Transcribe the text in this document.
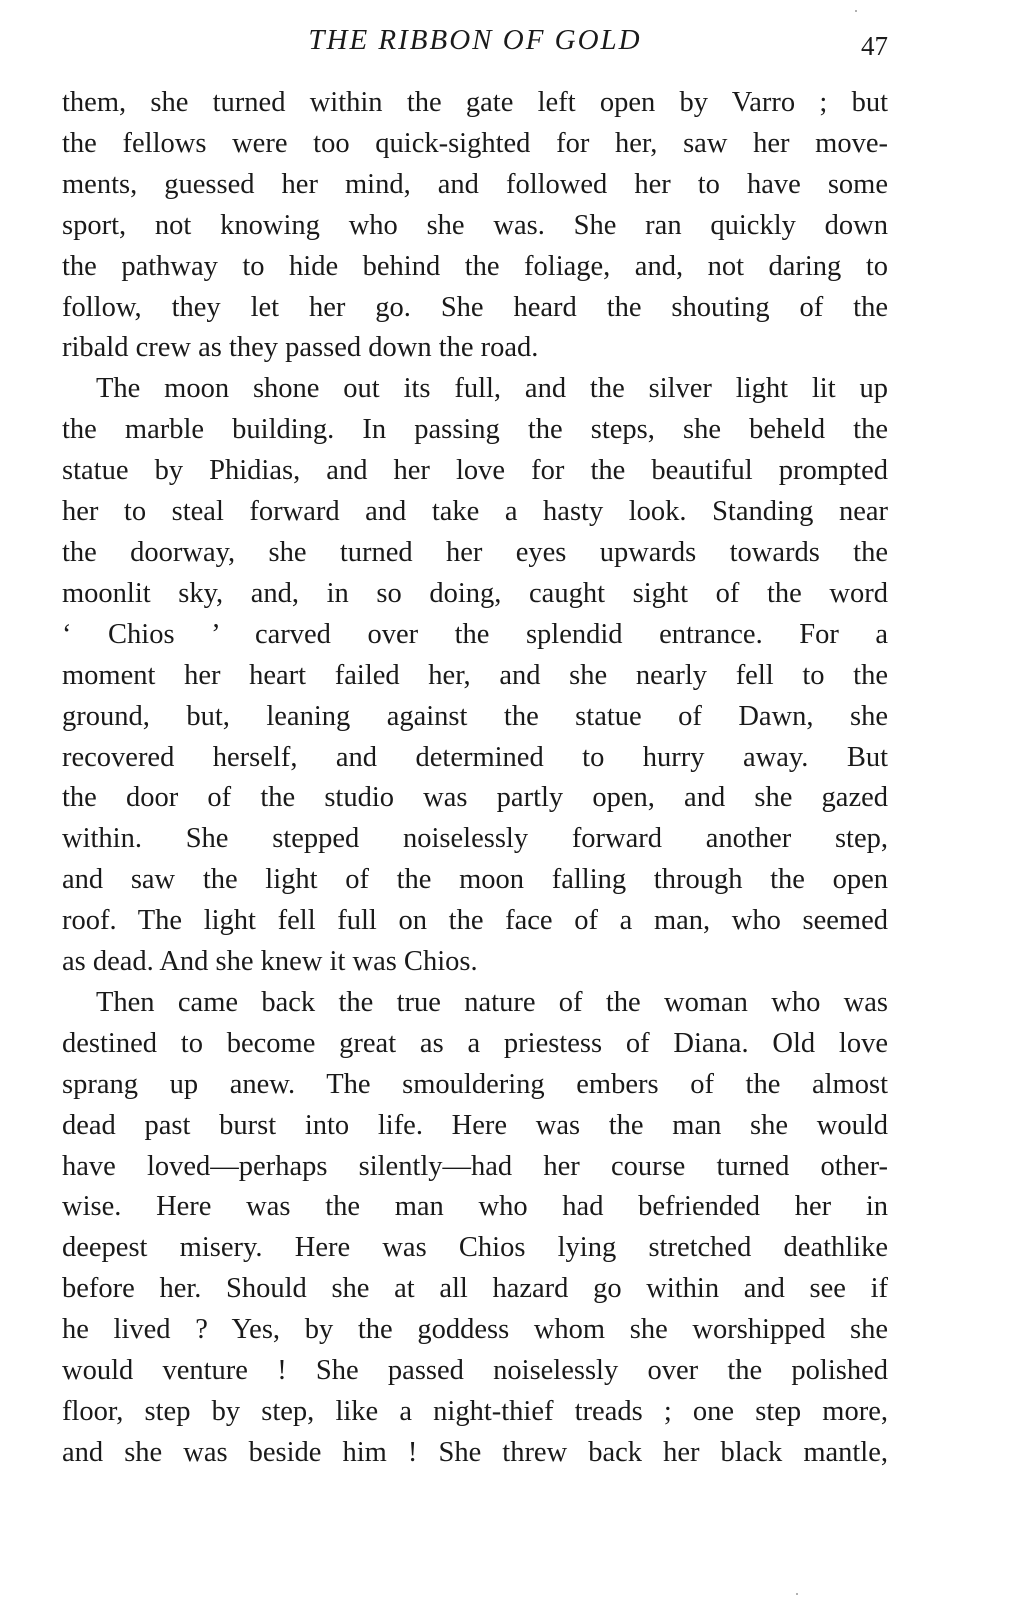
THE RIBBON OF GOLD	47

them, she turned within the gate left open by Varro ; but
the fellows were too quick-sighted for her, saw her move-
ments, guessed her mind, and followed her to have some
sport, not knowing who she was. She ran quickly down
the pathway to hide behind the foliage, and, not daring to
follow, they let her go. She heard the shouting of the
ribald crew as they passed down the road.

The moon shone out its full, and the silver light lit up
the marble building. In passing the steps, she beheld the
statue by Phidias, and her love for the beautiful prompted
her to steal forward and take a hasty look. Standing near
the doorway, she turned her eyes upwards towards the
moonlit sky, and, in so doing, caught sight of the word
‘ Chios ’ carved over the splendid entrance. For a
moment her heart failed her, and she nearly fell to the
ground, but, leaning against the statue of Dawn, she
recovered herself, and determined to hurry away. But
the door of the studio was partly open, and she gazed
within. She stepped noiselessly forward another step,
and saw the light of the moon falling through the open
roof. The light fell full on the face of a man, who seemed
as dead. And she knew it was Chios.

Then came back the true nature of the woman who was
destined to become great as a priestess of Diana. Old love
sprang up anew. The smouldering embers of the almost
dead past burst into life. Here was the man she would
have loved—perhaps silently—had her course turned other-
wise. Here was the man who had befriended her in
deepest misery. Here was Chios lying stretched deathlike
before her. Should she at all hazard go within and see if
he lived ? Yes, by the goddess whom she worshipped she
would venture ! She passed noiselessly over the polished
floor, step by step, like a night-thief treads ; one step more,
and she was beside him ! She threw back her black mantle,
